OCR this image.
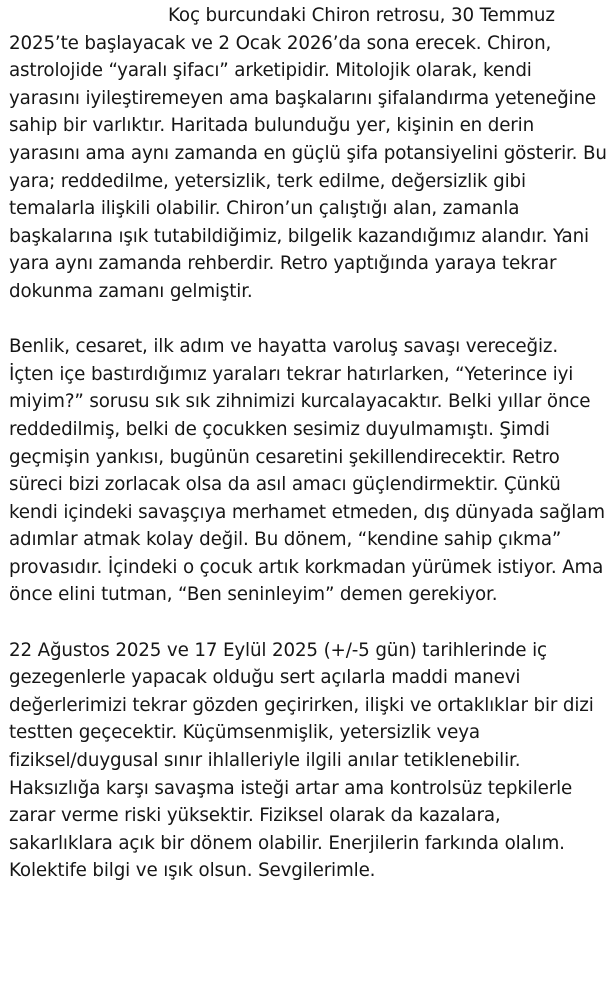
Koç burcundaki Chiron retrosu, 30 Temmuz 2025’te başlayacak ve 2 Ocak 2026’da sona erecek. Chiron, astrolojide “yaralı şifacı” arketipidir. Mitolojik olarak, kendi yarasını iyileştiremeyen ama başkalarını şifalandırma yeteneğine sahip bir varlıktır. Haritada bulunduğu yer, kişinin en derin yarasını ama aynı zamanda en güçlü şifa potansiyelini gösterir. Bu yara; reddedilme, yetersizlik, terk edilme, değersizlik gibi temalarla ilişkili olabilir. Chiron’un çalıştığı alan, zamanla başkalarına ışık tutabildiğimiz, bilgelik kazandığımız alandır. Yani yara aynı zamanda rehberdir. Retro yaptığında yaraya tekrar dokunma zamanı gelmiştir.

Benlik, cesaret, ilk adım ve hayatta varoluş savaşı vereceğiz. İçten içe bastırdığımız yaraları tekrar hatırlarken, “Yeterince iyi miyim?” sorusu sık sık zihnimizi kurcalayacaktır. Belki yıllar önce reddedilmiş, belki de çocukken sesimiz duyulmamıştı. Şimdi geçmişin yankısı, bugünün cesaretini şekillendirecektir. Retro süreci bizi zorlacak olsa da asıl amacı güçlendirmektir. Çünkü kendi içindeki savaşçıya merhamet etmeden, dış dünyada sağlam adımlar atmak kolay değil. Bu dönem, “kendine sahip çıkma” provasıdır. İçindeki o çocuk artık korkmadan yürümek istiyor. Ama önce elini tutman, “Ben seninleyim” demen gerekiyor.

22 Ağustos 2025 ve 17 Eylül 2025 (+/-5 gün) tarihlerinde iç gezegenlerle yapacak olduğu sert açılarla maddi manevi değerlerimizi tekrar gözden geçirirken, ilişki ve ortaklıklar bir dizi testten geçecektir. Küçümsenmişlik, yetersizlik veya fiziksel/duygusal sınır ihlalleriyle ilgili anılar tetiklenebilir. Haksızlığa karşı savaşma isteği artar ama kontrolsüz tepkilerle zarar verme riski yüksektir. Fiziksel olarak da kazalara, sakarlıklara açık bir dönem olabilir. Enerjilerin farkında olalım. Kolektife bilgi ve ışık olsun. Sevgilerimle.
